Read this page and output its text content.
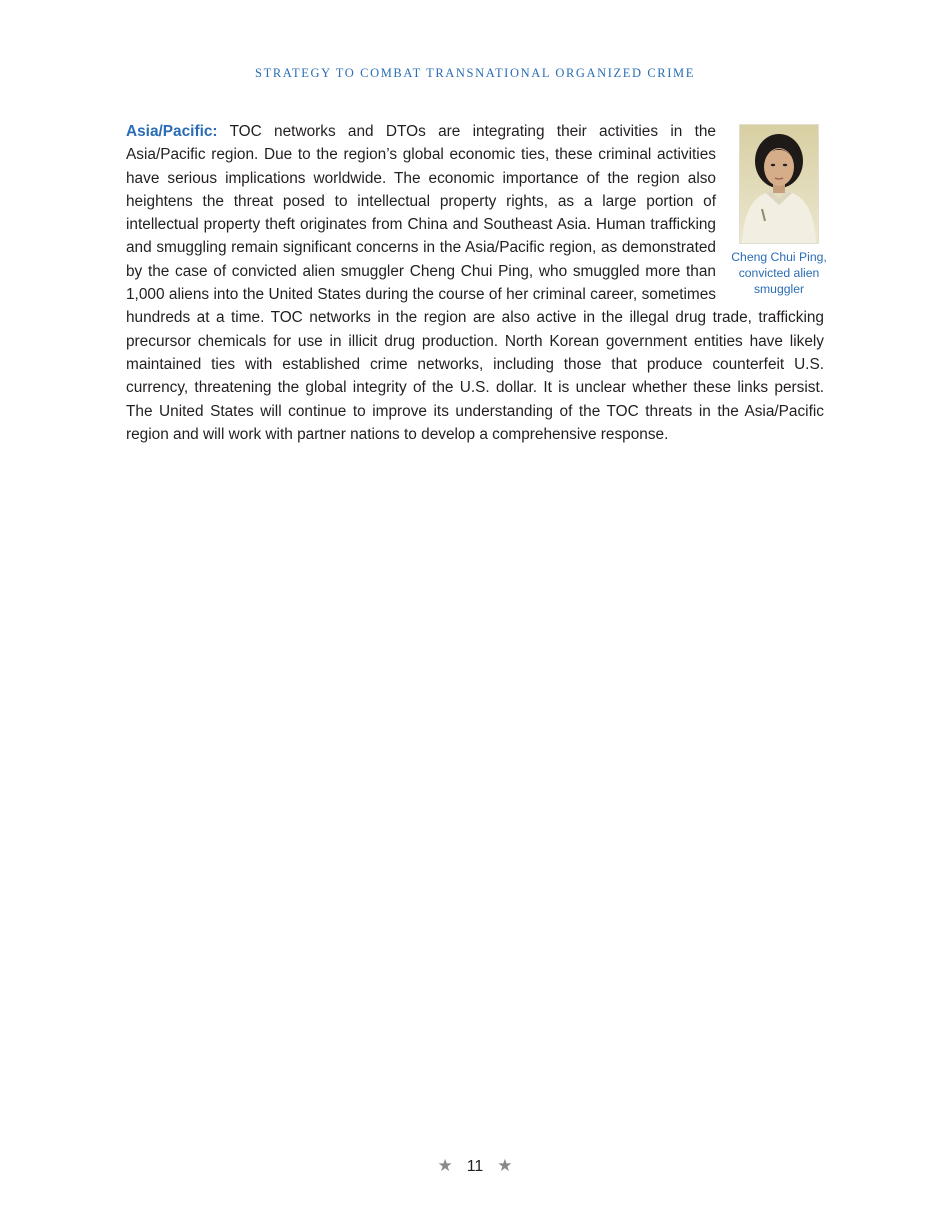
STRATEGY TO COMBAT TRANSNATIONAL ORGANIZED CRIME
Cheng Chui Ping, convicted alien smuggler
Asia/Pacific: TOC networks and DTOs are integrating their activities in the Asia/Pacific region. Due to the region’s global economic ties, these criminal activities have serious implications worldwide. The economic importance of the region also heightens the threat posed to intellectual property rights, as a large portion of intellectual property theft originates from China and Southeast Asia. Human trafficking and smuggling remain significant concerns in the Asia/Pacific region, as demonstrated by the case of convicted alien smuggler Cheng Chui Ping, who smuggled more than 1,000 aliens into the United States during the course of her criminal career, sometimes hundreds at a time. TOC networks in the region are also active in the illegal drug trade, trafficking precursor chemicals for use in illicit drug production. North Korean government entities have likely maintained ties with established crime networks, including those that produce counterfeit U.S. currency, threatening the global integrity of the U.S. dollar. It is unclear whether these links persist. The United States will continue to improve its understanding of the TOC threats in the Asia/Pacific region and will work with partner nations to develop a comprehensive response.
★ 11 ★
